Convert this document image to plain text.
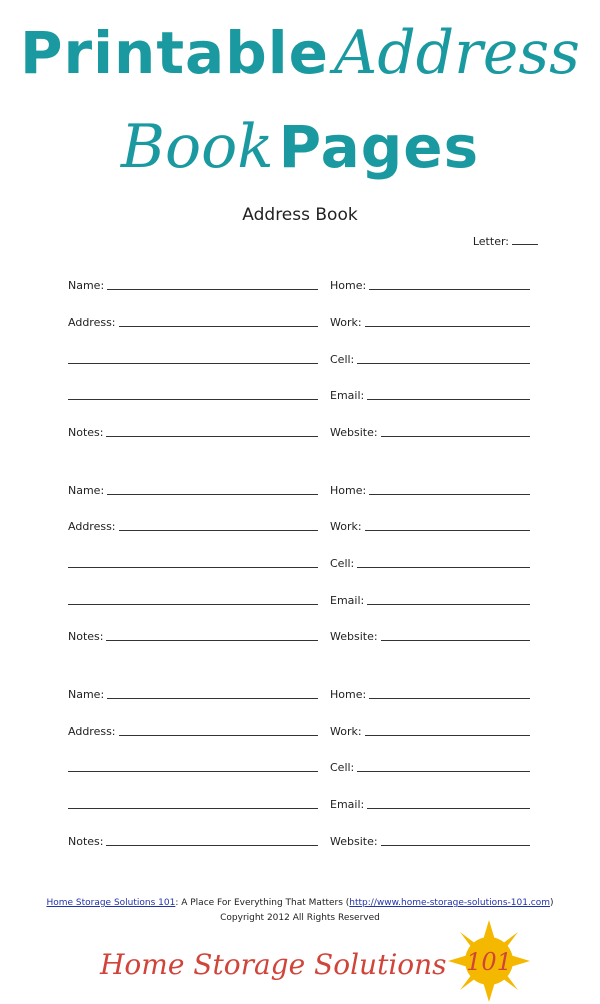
Printable Address
Book Pages
Address Book
Letter:
Name:
Address:
Notes:
Home:
Work:
Cell:
Email:
Website:
Name:
Address:
Notes:
Home:
Work:
Cell:
Email:
Website:
Name:
Address:
Notes:
Home:
Work:
Cell:
Email:
Website:
Home Storage Solutions 101: A Place For Everything That Matters (http://www.home-storage-solutions-101.com)
Copyright 2012 All Rights Reserved
Home Storage Solutions 101
